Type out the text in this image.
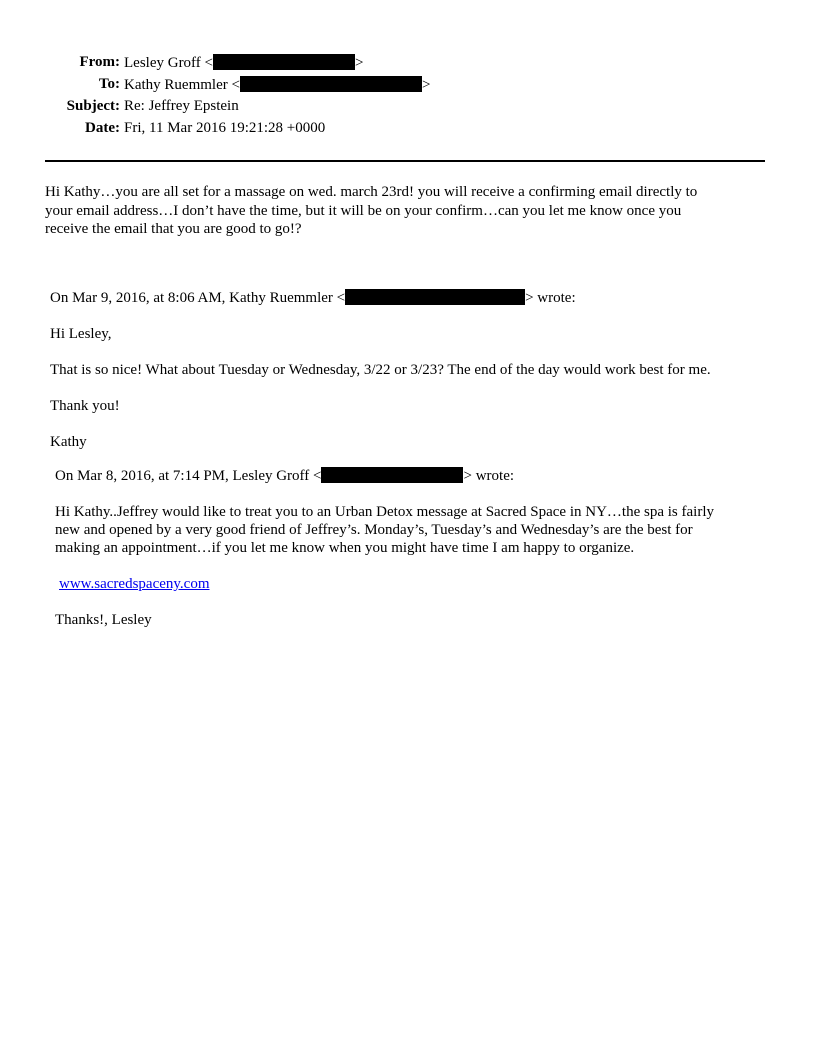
From: Lesley Groff <	>
To: Kathy Ruemmler <	>
Subject: Re: Jeffrey Epstein
Date: Fri, 11 Mar 2016 19:21:28 +0000
Hi Kathy…you are all set for a massage on wed. march 23rd! you will receive a confirming email directly to
your email address…I don’t have the time, but it will be on your confirm…can you let me know once you
receive the email that you are good to go!?
On Mar 9, 2016, at 8:06 AM, Kathy Ruemmler <	> wrote:
Hi Lesley,
That is so nice! What about Tuesday or Wednesday, 3/22 or 3/23? The end of the day would work best for me.
Thank you!
Kathy
On Mar 8, 2016, at 7:14 PM, Lesley Groff <	> wrote:
Hi Kathy..Jeffrey would like to treat you to an Urban Detox message at Sacred Space in NY…the spa is fairly
new and opened by a very good friend of Jeffrey’s. Monday’s, Tuesday’s and Wednesday’s are the best for
making an appointment…if you let me know when you might have time I am happy to organize.
www.sacredspaceny.com
Thanks!, Lesley
